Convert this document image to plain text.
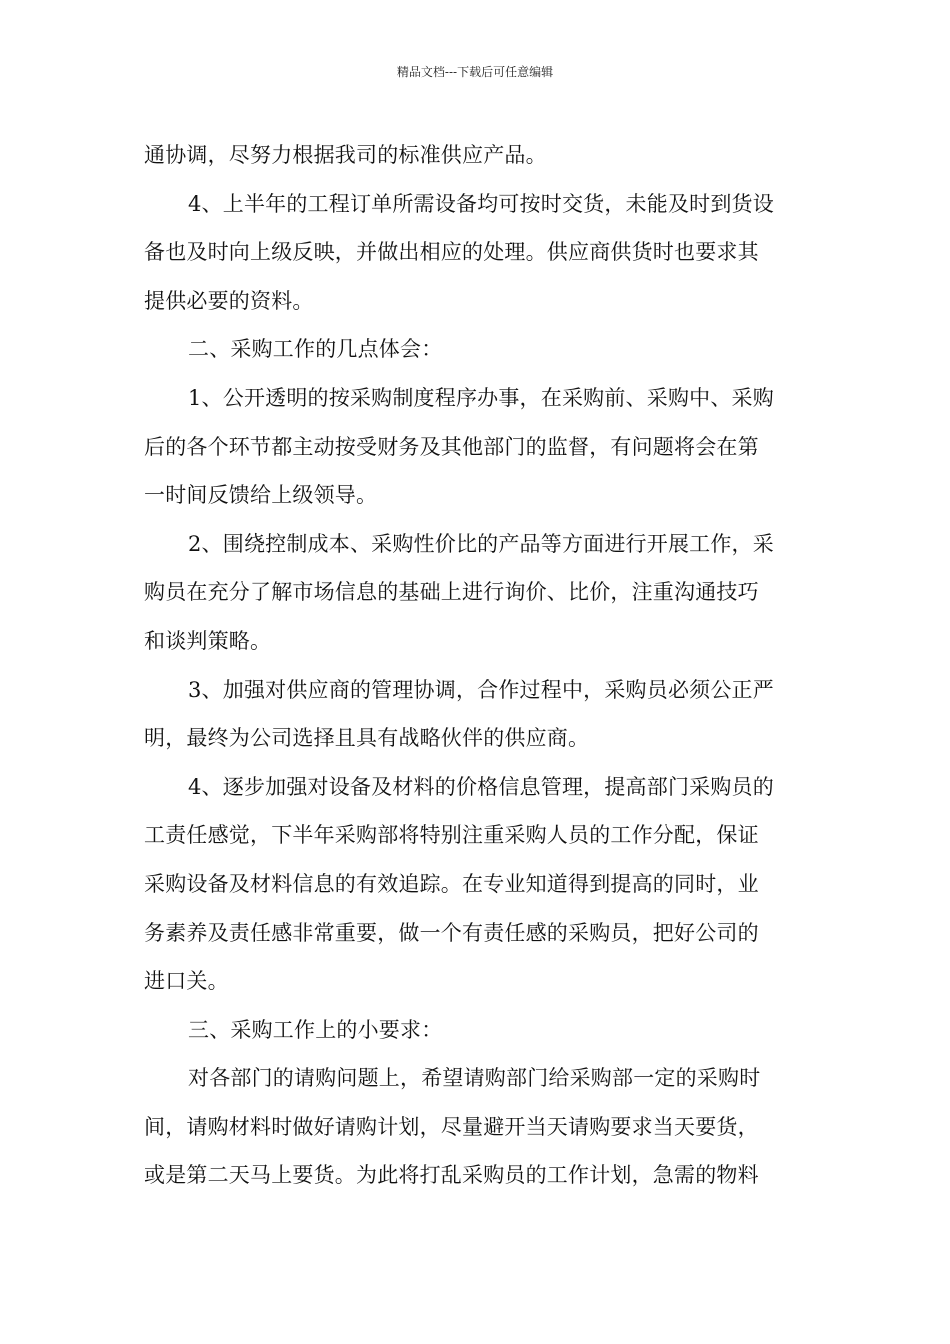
精品文档---下载后可任意编辑
通协调，尽努力根据我司的标准供应产品。
4、上半年的工程订单所需设备均可按时交货，未能及时到货设
备也及时向上级反映，并做出相应的处理。供应商供货时也要求其
提供必要的资料。
二、采购工作的几点体会：
1、公开透明的按采购制度程序办事，在采购前、采购中、采购
后的各个环节都主动按受财务及其他部门的监督，有问题将会在第
一时间反馈给上级领导。
2、围绕控制成本、采购性价比的产品等方面进行开展工作，采
购员在充分了解市场信息的基础上进行询价、比价，注重沟通技巧
和谈判策略。
3、加强对供应商的管理协调，合作过程中，采购员必须公正严
明，最终为公司选择且具有战略伙伴的供应商。
4、逐步加强对设备及材料的价格信息管理，提高部门采购员的
工责任感觉，下半年采购部将特别注重采购人员的工作分配，保证
采购设备及材料信息的有效追踪。在专业知道得到提高的同时，业
务素养及责任感非常重要，做一个有责任感的采购员，把好公司的
进口关。
三、采购工作上的小要求：
对各部门的请购问题上，希望请购部门给采购部一定的采购时
间，请购材料时做好请购计划，尽量避开当天请购要求当天要货，
或是第二天马上要货。为此将打乱采购员的工作计划，急需的物料
